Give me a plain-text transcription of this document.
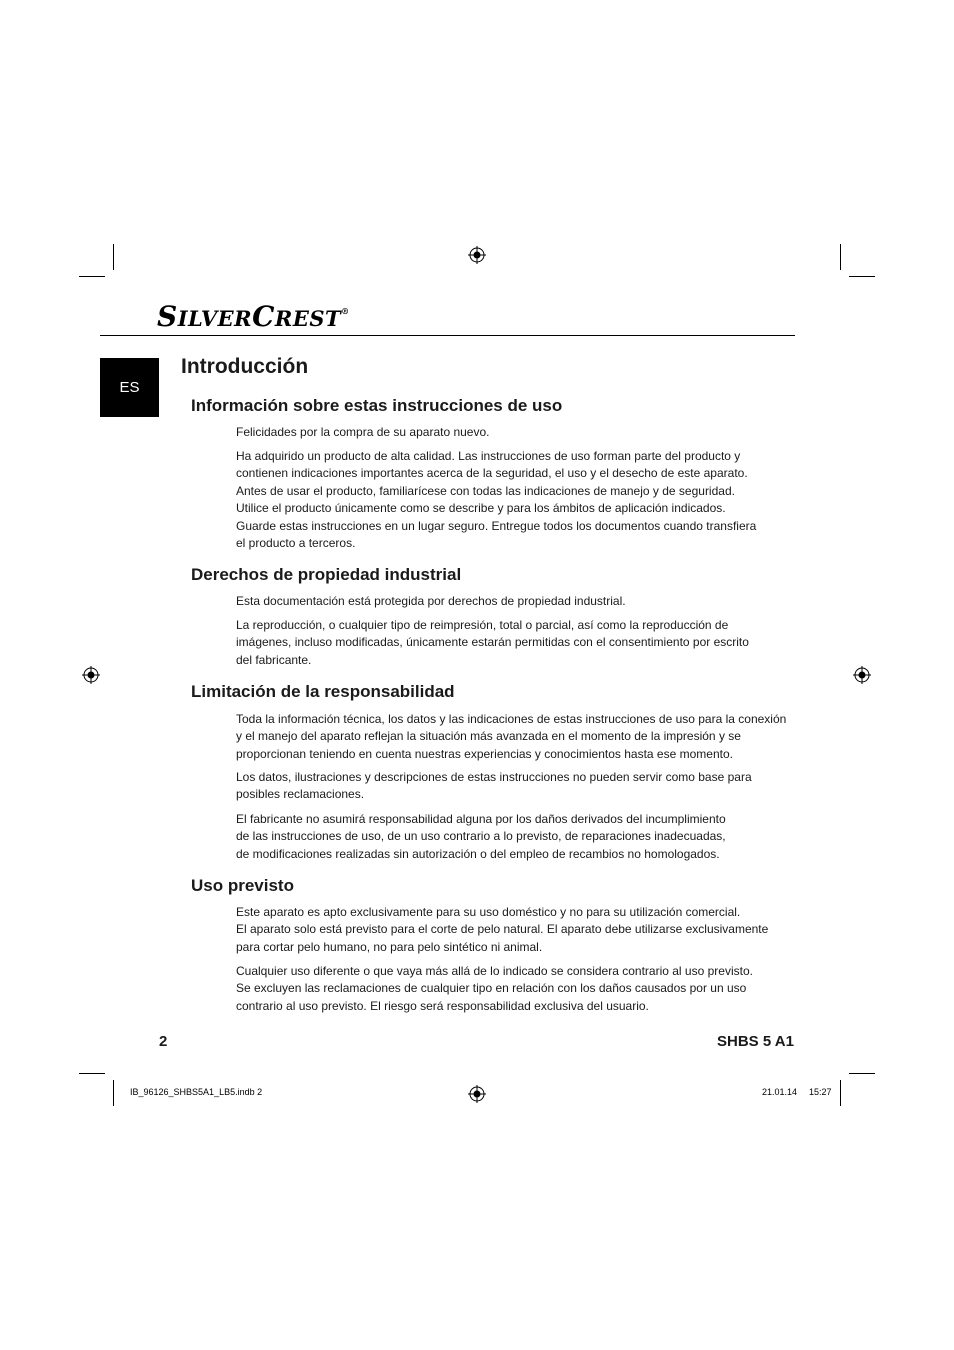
SILVERCREST®
ES
Introducción
Información sobre estas instrucciones de uso
Felicidades por la compra de su aparato nuevo.
Ha adquirido un producto de alta calidad. Las instrucciones de uso forman parte del producto y
contienen indicaciones importantes acerca de la seguridad, el uso y el desecho de este aparato.
Antes de usar el producto, familiarícese con todas las indicaciones de manejo y de seguridad.
Utilice el producto únicamente como se describe y para los ámbitos de aplicación indicados.
Guarde estas instrucciones en un lugar seguro. Entregue todos los documentos cuando transfiera
el producto a terceros.
Derechos de propiedad industrial
Esta documentación está protegida por derechos de propiedad industrial.
La reproducción, o cualquier tipo de reimpresión, total o parcial, así como la reproducción de
imágenes, incluso modificadas, únicamente estarán permitidas con el consentimiento por escrito
del fabricante.
Limitación de la responsabilidad
Toda la información técnica, los datos y las indicaciones de estas instrucciones de uso para la conexión
y el manejo del aparato reflejan la situación más avanzada en el momento de la impresión y se
proporcionan teniendo en cuenta nuestras experiencias y conocimientos hasta ese momento.
Los datos, ilustraciones y descripciones de estas instrucciones no pueden servir como base para
posibles reclamaciones.
El fabricante no asumirá responsabilidad alguna por los daños derivados del incumplimiento
de las instrucciones de uso, de un uso contrario a lo previsto, de reparaciones inadecuadas,
de modificaciones realizadas sin autorización o del empleo de recambios no homologados.
Uso previsto
Este aparato es apto exclusivamente para su uso doméstico y no para su utilización comercial.
El aparato solo está previsto para el corte de pelo natural. El aparato debe utilizarse exclusivamente
para cortar pelo humano, no para pelo sintético ni animal.
Cualquier uso diferente o que vaya más allá de lo indicado se considera contrario al uso previsto.
Se excluyen las reclamaciones de cualquier tipo en relación con los daños causados por un uso
contrario al uso previsto. El riesgo será responsabilidad exclusiva del usuario.
2	SHBS 5 A1
IB_96126_SHBS5A1_LB5.indb 2	21.01.14 15:27
